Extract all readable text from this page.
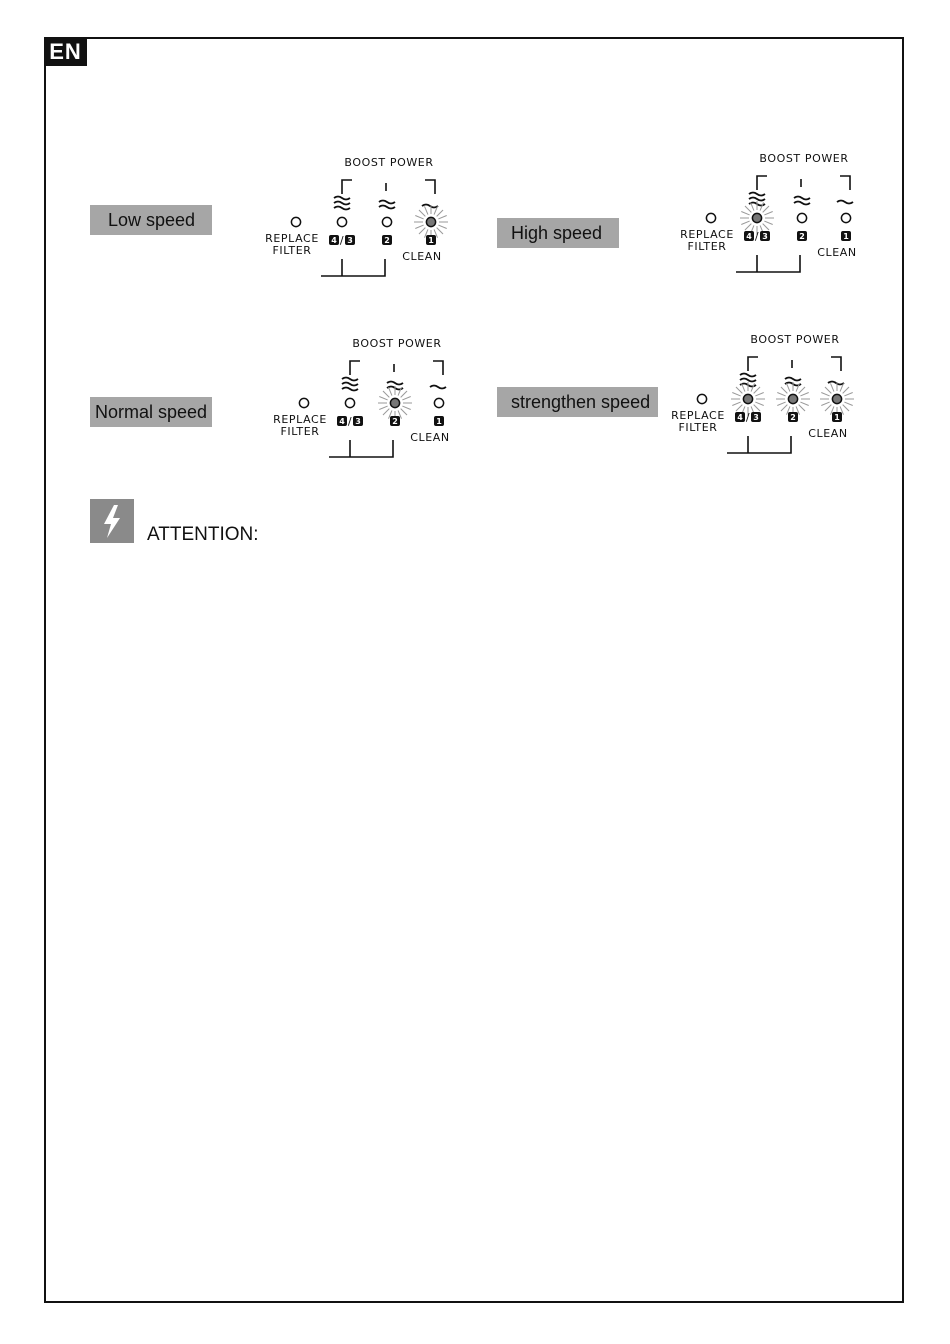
EN
Low speed
High speed
Normal speed	strengthen speed
BOOST POWER
4 / 3	2	1
REPLACE
FILTER	CLEAN
BOOST POWER
4 / 3	2	1
REPLACE
FILTER	CLEAN
BOOST POWER
4 / 3	2	1
REPLACE
FILTER	CLEAN
BOOST POWER
4 / 3	2	1
REPLACE
FILTER	CLEAN
ATTENTION:
